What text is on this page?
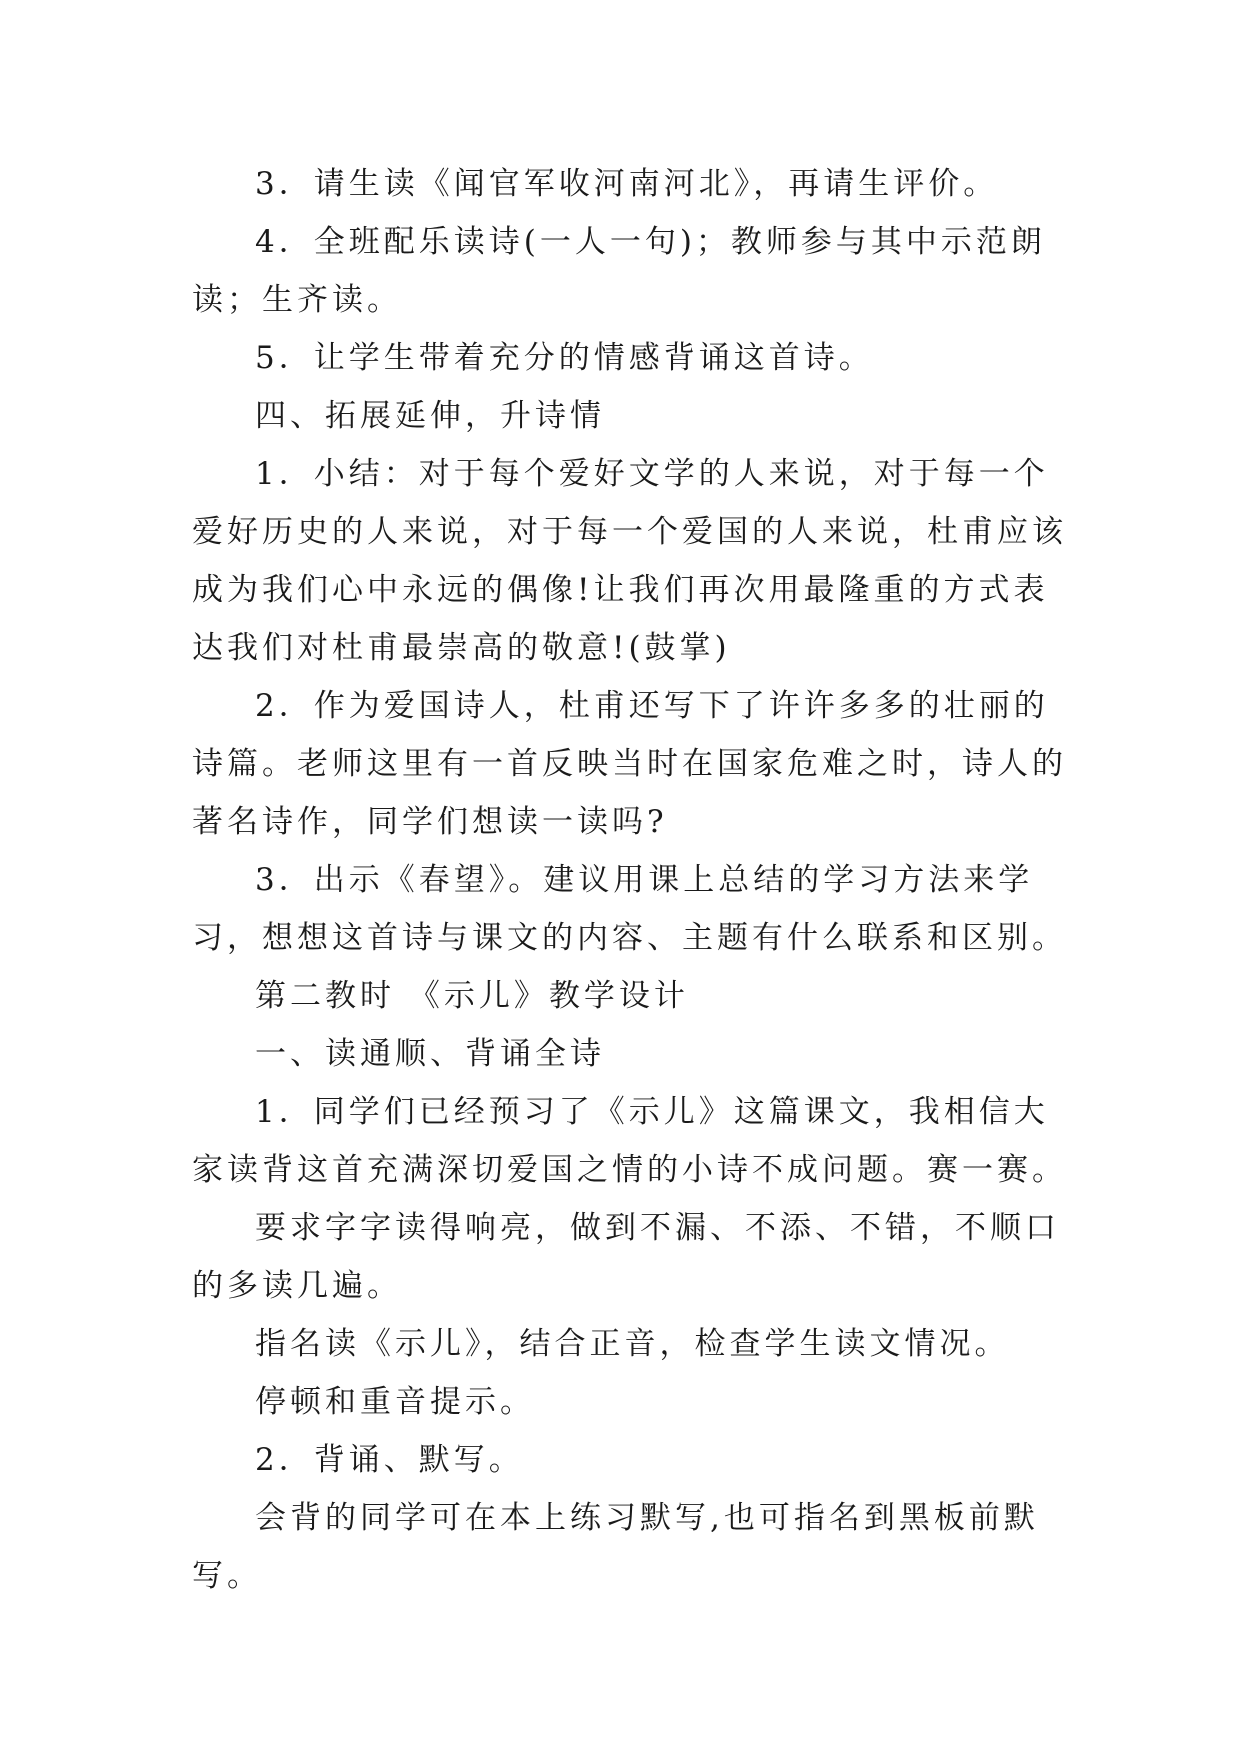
3．请生读《闻官军收河南河北》，再请生评价。

4．全班配乐读诗(一人一句)；教师参与其中示范朗读；生齐读。

5．让学生带着充分的情感背诵这首诗。

四、拓展延伸，升诗情

1．小结：对于每个爱好文学的人来说，对于每一个爱好历史的人来说，对于每一个爱国的人来说，杜甫应该成为我们心中永远的偶像!让我们再次用最隆重的方式表达我们对杜甫最崇高的敬意!(鼓掌)

2．作为爱国诗人，杜甫还写下了许许多多的壮丽的诗篇。老师这里有一首反映当时在国家危难之时，诗人的著名诗作，同学们想读一读吗?

3．出示《春望》。建议用课上总结的学习方法来学习，想想这首诗与课文的内容、主题有什么联系和区别。

第二教时 《示儿》教学设计

一、读通顺、背诵全诗

1．同学们已经预习了《示儿》这篇课文，我相信大家读背这首充满深切爱国之情的小诗不成问题。赛一赛。

要求字字读得响亮，做到不漏、不添、不错，不顺口的多读几遍。

指名读《示儿》，结合正音，检查学生读文情况。

停顿和重音提示。

2．背诵、默写。

会背的同学可在本上练习默写,也可指名到黑板前默写。
